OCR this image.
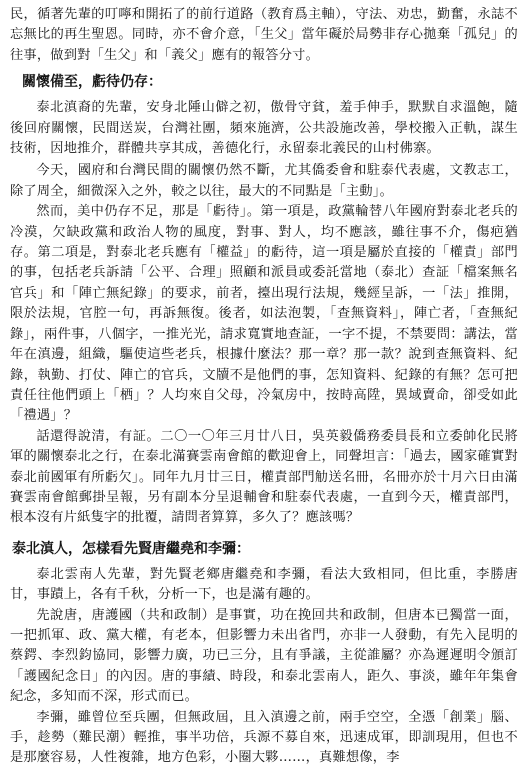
民，循著先輩的叮嚀和開拓了的前行道路（教育爲主軸），守法、劝忠，勤奮，永誌不忘無比的再生聖恩。同時，亦不會介意，「生父」當年礙於局勢非存心拋棄「孤兒」的往事，做到對「生父」和「義父」應有的報答分寸。

關懷備至，虧待仍存：

泰北滇裔的先輩，安身北陲山僻之初，傲骨守貧，羞手伸手，默默自求溫飽，隨後回府關懷，民間送炭，台灣社團，頻來施濟，公共設施改善，學校搬入正軌，謀生技術，因地推介，群體共享其成，善德化行，永留泰北義民的山村佛寨。

今天，國府和台灣民間的關懷仍然不斷，尤其僑委會和駐泰代表處，文教志工，除了周全，細微深入之外，較之以往，最大的不同點是「主動」。

然而，美中仍存不足，那是「虧待」。第一項是，政黨輪替八年國府對泰北老兵的冷漠，欠缺政黨和政治人物的風度，對事、對人，均不應該，雖往事不介，傷疤猶存。第二項是，對泰北老兵應有「權益」的虧待，這一項是屬於直接的「權責」部門的事，包括老兵訴請「公平、合理」照顧和派員或委託當地（泰北）查証「檔案無名官兵」和「陣亡無紀錄」的要求，前者，擡出現行法規，幾經呈訴，一「法」推開，限於法規，官腔一句，再訴無復。後者，如法泡製，「查無資料」，陣亡者，「查無紀錄」，兩件事，八個字，一推光光，請求寬實地查証，一字不提，不禁要問：講法，當年在滇邊，組織，驅使這些老兵，根據什麼法？那一章？那一款？說到查無資料、紀錄，執勤、打仗、陣亡的官兵，文牘不是他們的事，怎知資料、紀錄的有無？怎可把責任往他們頭上「栖」？人均來自父母，冷氣房中，按時高陞，異域賣命，卻受如此「禮遇」？

話還得說清，有証。二〇一〇年三月廿八日，吳英毅僑務委員長和立委帥化民將軍的關懷泰北之行，在泰北滿賽雲南會館的歡迎會上，同聲坦言：「過去，國家確實對泰北前國軍有所虧欠」。同年九月廿三日，權責部門觔送名冊，名冊亦於十月六日由滿賽雲南會館郵掛呈報，另有副本分呈退輔會和駐泰代表處，一直到今天，權責部門，根本沒有片紙隻字的批覆，請問者算算，多久了？應該嗎？

泰北滇人，怎樣看先賢唐繼堯和李彌：

泰北雲南人先輩，對先賢老鄉唐繼堯和李彌，看法大致相同，但比重，李勝唐甘，事蹟上，各有千秋，分析一下，也是滿有趣的。

先說唐，唐護國（共和政制）是事實，功在挽回共和政制，但唐本已獨當一面，一把抓軍、政、黨大權，有老本，但影響力未出省門，亦非一人發動，有先入昆明的蔡鍔、李烈鈞協同，影響力廣，功已三分，且有爭議，主從誰屬？亦為遲遲明令頒訂「護國紀念日」的內因。唐的事績、時段，和泰北雲南人，距久、事淡，雖年年集會紀念，多知而不深，形式而已。

李彌，雖曾位至兵團，但無政屆，且入滇邊之前，兩手空空，全憑「創業」腦、手，趁勢（難民潮）輕推，事半功倍，兵源不募自來，迅速成軍，即訓現用，但也不是那麼容易，人性複雜，地方色彩，小圈大夥……，真難想像，李
